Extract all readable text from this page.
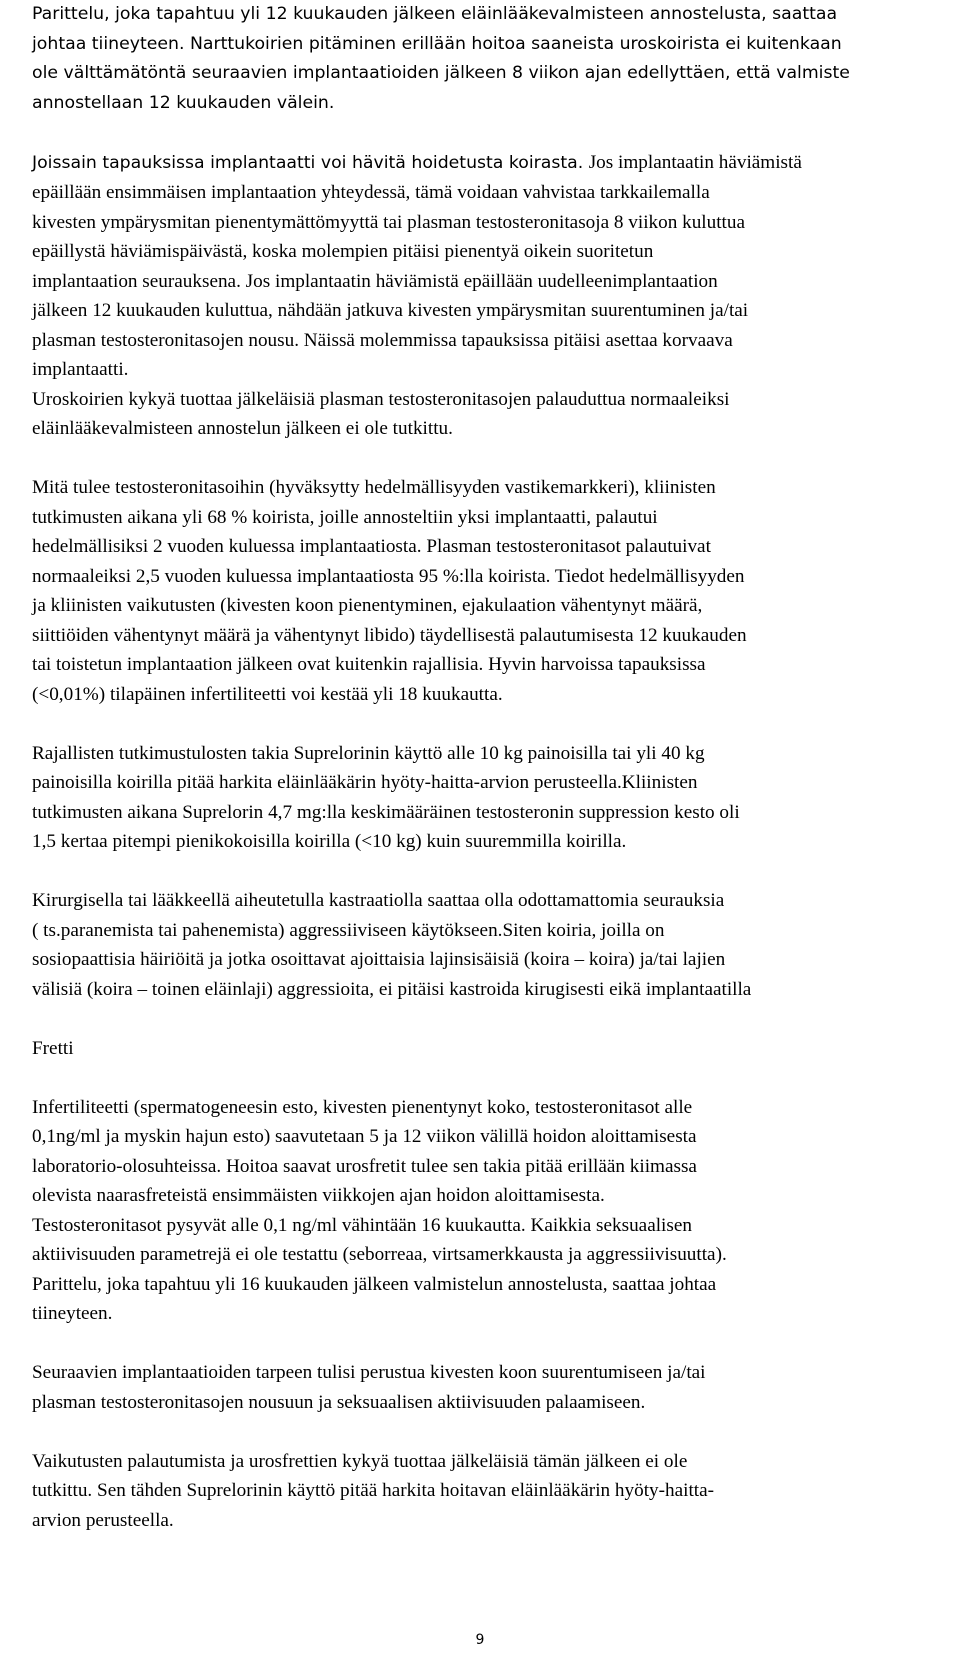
Parittelu, joka tapahtuu yli 12 kuukauden jälkeen eläinlääkevalmisteen annostelusta, saattaa
johtaa tiineyteen. Narttukoirien pitäminen erillään hoitoa saaneista uroskoirista ei kuitenkaan
ole välttämätöntä seuraavien implantaatioiden jälkeen 8 viikon ajan edellyttäen, että valmiste
annostellaan 12 kuukauden välein.
Joissain tapauksissa implantaatti voi hävitä hoidetusta koirasta. Jos implantaatin häviämistä
epäillään ensimmäisen implantaation yhteydessä, tämä voidaan vahvistaa tarkkailemalla
kivesten ympärysmitan pienentymättömyyttä tai plasman testosteronitasoja 8 viikon kuluttua
epäillystä häviämispäivästä, koska molempien pitäisi pienentyä oikein suoritetun
implantaation seurauksena. Jos implantaatin häviämistä epäillään uudelleenimplantaation
jälkeen 12 kuukauden kuluttua, nähdään jatkuva kivesten ympärysmitan suurentuminen ja/tai
plasman testosteronitasojen nousu. Näissä molemmissa tapauksissa pitäisi asettaa korvaava
implantaatti.
Uroskoirien kykyä tuottaa jälkeläisiä plasman testosteronitasojen palauduttua normaaleiksi
eläinlääkevalmisteen annostelun jälkeen ei ole tutkittu.
Mitä tulee testosteronitasoihin (hyväksytty hedelmällisyyden vastikemarkkeri), kliinisten
tutkimusten aikana yli 68 % koirista, joille annosteltiin yksi implantaatti, palautui
hedelmällisiksi 2 vuoden kuluessa implantaatiosta. Plasman testosteronitasot palautuivat
normaaleiksi 2,5 vuoden kuluessa implantaatiosta 95 %:lla koirista. Tiedot hedelmällisyyden
ja kliinisten vaikutusten (kivesten koon pienentyminen, ejakulaation vähentynyt määrä,
siittiöiden vähentynyt määrä ja vähentynyt libido) täydellisestä palautumisesta 12 kuukauden
tai toistetun implantaation jälkeen ovat kuitenkin rajallisia. Hyvin harvoissa tapauksissa
(<0,01%) tilapäinen infertiliteetti voi kestää yli 18 kuukautta.
Rajallisten tutkimustulosten takia Suprelorinin käyttö alle 10 kg painoisilla tai yli 40 kg
painoisilla koirilla pitää harkita eläinlääkärin hyöty-haitta-arvion perusteella.Kliinisten
tutkimusten aikana Suprelorin 4,7 mg:lla keskimääräinen testosteronin suppression kesto oli
1,5 kertaa pitempi pienikokoisilla koirilla (<10 kg) kuin suuremmilla koirilla.
Kirurgisella tai lääkkeellä aiheutetulla kastraatiolla saattaa olla odottamattomia seurauksia
( ts.paranemista tai pahenemista) aggressiiviseen käytökseen.Siten koiria, joilla on
sosiopaattisia häiriöitä ja jotka osoittavat ajoittaisia lajinsisäisiä (koira – koira) ja/tai lajien
välisiä (koira – toinen eläinlaji) aggressioita, ei pitäisi kastroida kirugisesti eikä implantaatilla
Fretti
Infertiliteetti (spermatogeneesin esto, kivesten pienentynyt koko, testosteronitasot alle
0,1ng/ml ja myskin hajun esto) saavutetaan 5 ja 12 viikon välillä hoidon aloittamisesta
laboratorio-olosuhteissa. Hoitoa saavat urosfretit tulee sen takia pitää erillään kiimassa
olevista naarasfreteistä ensimmäisten viikkojen ajan hoidon aloittamisesta.
Testosteronitasot pysyvät alle 0,1 ng/ml vähintään 16 kuukautta. Kaikkia seksuaalisen
aktiivisuuden parametrejä ei ole testattu (seborreaa, virtsamerkkausta ja aggressiivisuutta).
Parittelu, joka tapahtuu yli 16 kuukauden jälkeen valmistelun annostelusta, saattaa johtaa
tiineyteen.
Seuraavien implantaatioiden tarpeen tulisi perustua kivesten koon suurentumiseen ja/tai
plasman testosteronitasojen nousuun ja seksuaalisen aktiivisuuden palaamiseen.
Vaikutusten palautumista ja urosfrettien kykyä tuottaa jälkeläisiä tämän jälkeen ei ole
tutkittu. Sen tähden Suprelorinin käyttö pitää harkita hoitavan eläinlääkärin hyöty-haitta-
arvion perusteella.
9
